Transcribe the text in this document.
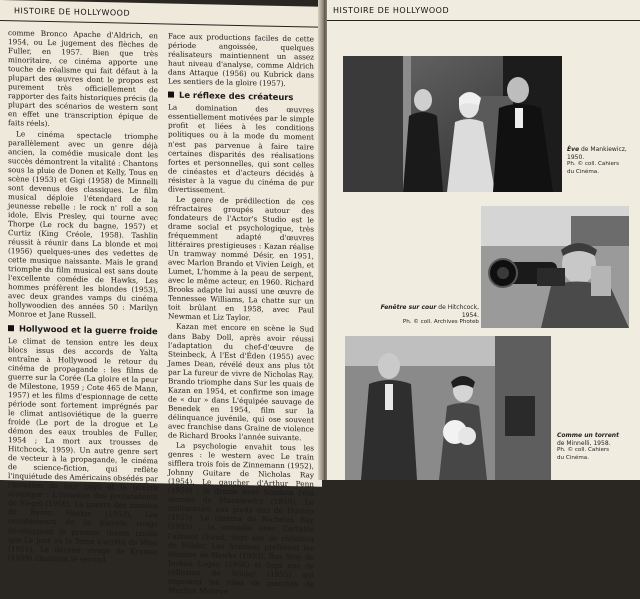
HISTOIRE DE HOLLYWOOD

comme Bronco Apache d'Aldrich, en 1954, ou Le jugement des flèches de Fuller, en 1957. Bien que très minoritaire, ce cinéma apporte une touche de réalisme qui fait défaut à la plupart des œuvres dont le propos est purement très officiellement de rapporter des faits historiques précis (la plupart des scénarios de western sont en effet une transcription épique de faits réels).

Le cinéma spectacle triomphe parallèlement avec un genre déjà ancien, la comédie musicale dont les succès démontrent la vitalité : Chantons sous la pluie de Donen et Kelly, Tous en scène (1953) et Gigi (1958) de Minnelli sont devenus des classiques. Le film musical déploie l'étendard de la jeunesse rebelle : le rock n' roll a son idole, Elvis Presley, qui tourne avec Thorpe (Le rock du bagne, 1957) et Curtiz (King Créole, 1958). Tashlin réussit à réunir dans La blonde et moi (1956) quelques-unes des vedettes de cette musique naissante. Mais le grand triomphe du film musical est sans doute l'excellente comédie de Hawks, Les hommes préfèrent les blondes (1953), avec deux grandes vamps du cinéma hollywoodien des années 50 : Marilyn Monroe et Jane Russell.

Hollywood et la guerre froide

Le climat de tension entre les deux blocs issus des accords de Yalta entraîne à Hollywood le retour du cinéma de propagande : les films de guerre sur la Corée (La gloire et la peur de Milestone, 1959 ; Cote 465 de Mann, 1957) et les films d'espionnage de cette période sont fortement imprégnés par le climat antisoviétique de la guerre froide (Le port de la drogue et Le démon des eaux troubles de Fuller, 1954 ; La mort aux trousses de Hitchcock, 1959). Un autre genre sert de vecteur à la propagande, le cinéma de science-fiction, qui reflète l'inquiétude des Américains obsédés par l'invasion de leur pays et la guerre atomique : L'invasion des profanateurs de Siegel (1956), La guerre des mondes de Byron Haskin (1953), Les envahisseurs de la planète rouge développent le premier thème tandis que Le jour où la Terre s'arrêta de Wise (1951), Le dernier rivage de Kramer (1959) illustrent le second.

Face aux productions faciles de cette période angoissée, quelques réalisateurs maintiennent un assez haut niveau d'analyse, comme Aldrich dans Attaque (1956) ou Kubrick dans Les sentiers de la gloire (1957).

Le réflexe des créateurs

La domination des œuvres essentiellement motivées par le simple profit et liées à les conditions politiques ou à la mode du moment n'est pas parvenue à faire taire certaines disparités des réalisations fortes et personnelles, qui sont celles de cinéastes et d'acteurs décidés à résister à la vague du cinéma de pur divertissement.

Le genre de prédilection de ces réfractaires groupés autour des fondateurs de l'Actor's Studio est le drame social et psychologique, très fréquemment adapté d'œuvres littéraires prestigieuses : Kazan réalise Un tramway nommé Désir, en 1951, avec Marlon Brando et Vivien Leigh, et Lumet, L'homme à la peau de serpent, avec le même acteur, en 1960. Richard Brooks adapte lui aussi une œuvre de Tennessee Williams, La chatte sur un toit brûlant en 1958, avec Paul Newman et Liz Taylor.

Kazan met encore en scène le Sud dans Baby Doll, après avoir réussi l'adaptation du chef-d'œuvre de Steinbeck, À l'Est d'Éden (1955) avec James Dean, révélé deux ans plus tôt par La fureur de vivre de Nicholas Ray. Brando triomphe dans Sur les quais de Kazan en 1954, et confirme son image de « dur » dans L'équipée sauvage de Benedek en 1954, film sur la délinquance juvénile, qui ose souvent avec franchise dans Graine de violence de Richard Brooks l'année suivante.

La psychologie envahit tous les genres : le western avec Le train sifflera trois fois de Zinnemann (1952), Johnny Guitare de Nicholas Ray (1954), Le gaucher d'Arthur Penn (1958) ; le drame avec Soudain l'été dernier de Mankiewicz (1959), Le milliardaire aux pieds nus de Huston (1955), Le cinéma de Nicholas Ray (1955) ; la comédie avec Certains l'aiment chaud, Sept ans de réflexion de Wilder, Les hommes préfèrent les blondes de Hawks (1953), Bus Stop de Joshua Logan (1956) et Sept ans de réflexion de Wilder (1955) qui imposent les rôles de marchés de Marilyn Monroe.

HISTOIRE DE HOLLYWOOD
Ève de Mankiewicz,
1950.
Ph. © coll. Cahiers
du Cinéma.
Fenêtre sur cour de Hitchcock,
1954.
Ph. © coll. Archives Photeb
Comme un torrent
de Minnelli, 1958.
Ph. © coll. Cahiers
du Cinéma.
